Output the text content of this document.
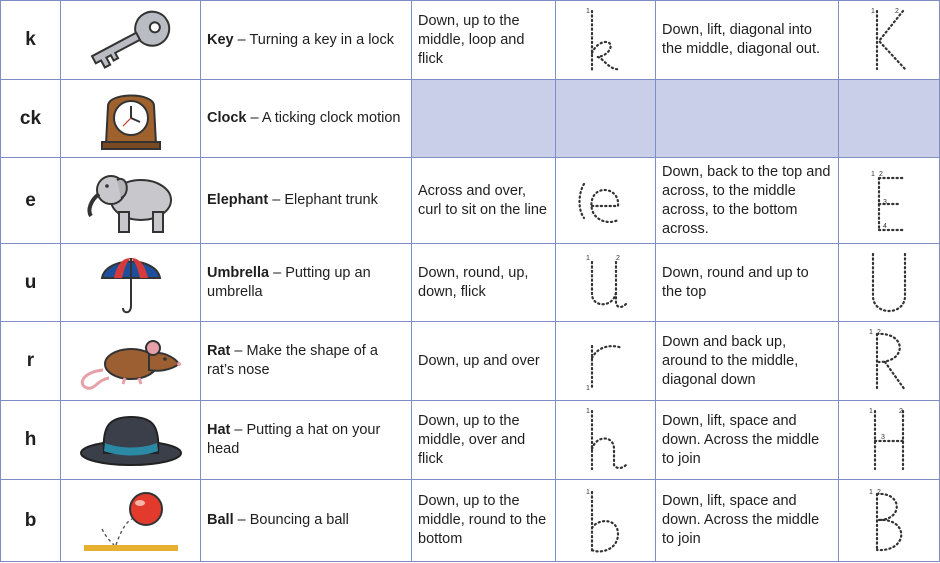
k		Key – Turning a key in a lock	Down, up to the middle, loop and flick	1	Down, lift, diagonal into the middle, diagonal out.	1 2

ck		Clock – A ticking clock motion				
e		Elephant – Elephant trunk	Across and over, curl to sit on the line		Down, back to the top and across, to the middle across, to the bottom across.	1 2
3
4

u		Umbrella – Putting up an umbrella	Down, round, up, down, flick	1 2	Down, round and up to the top	

r		Rat – Make the shape of a rat’s nose	Down, up and over	1	Down and back up, around to the middle, diagonal down	1 2

h		Hat – Putting a hat on your head	Down, up to the middle, over and flick	1	Down, lift, space and down. Across the middle to join	1 2
3

b		Ball – Bouncing a ball	Down, up to the middle, round to the bottom	1	Down, lift, space and down. Across the middle to join	1 2
